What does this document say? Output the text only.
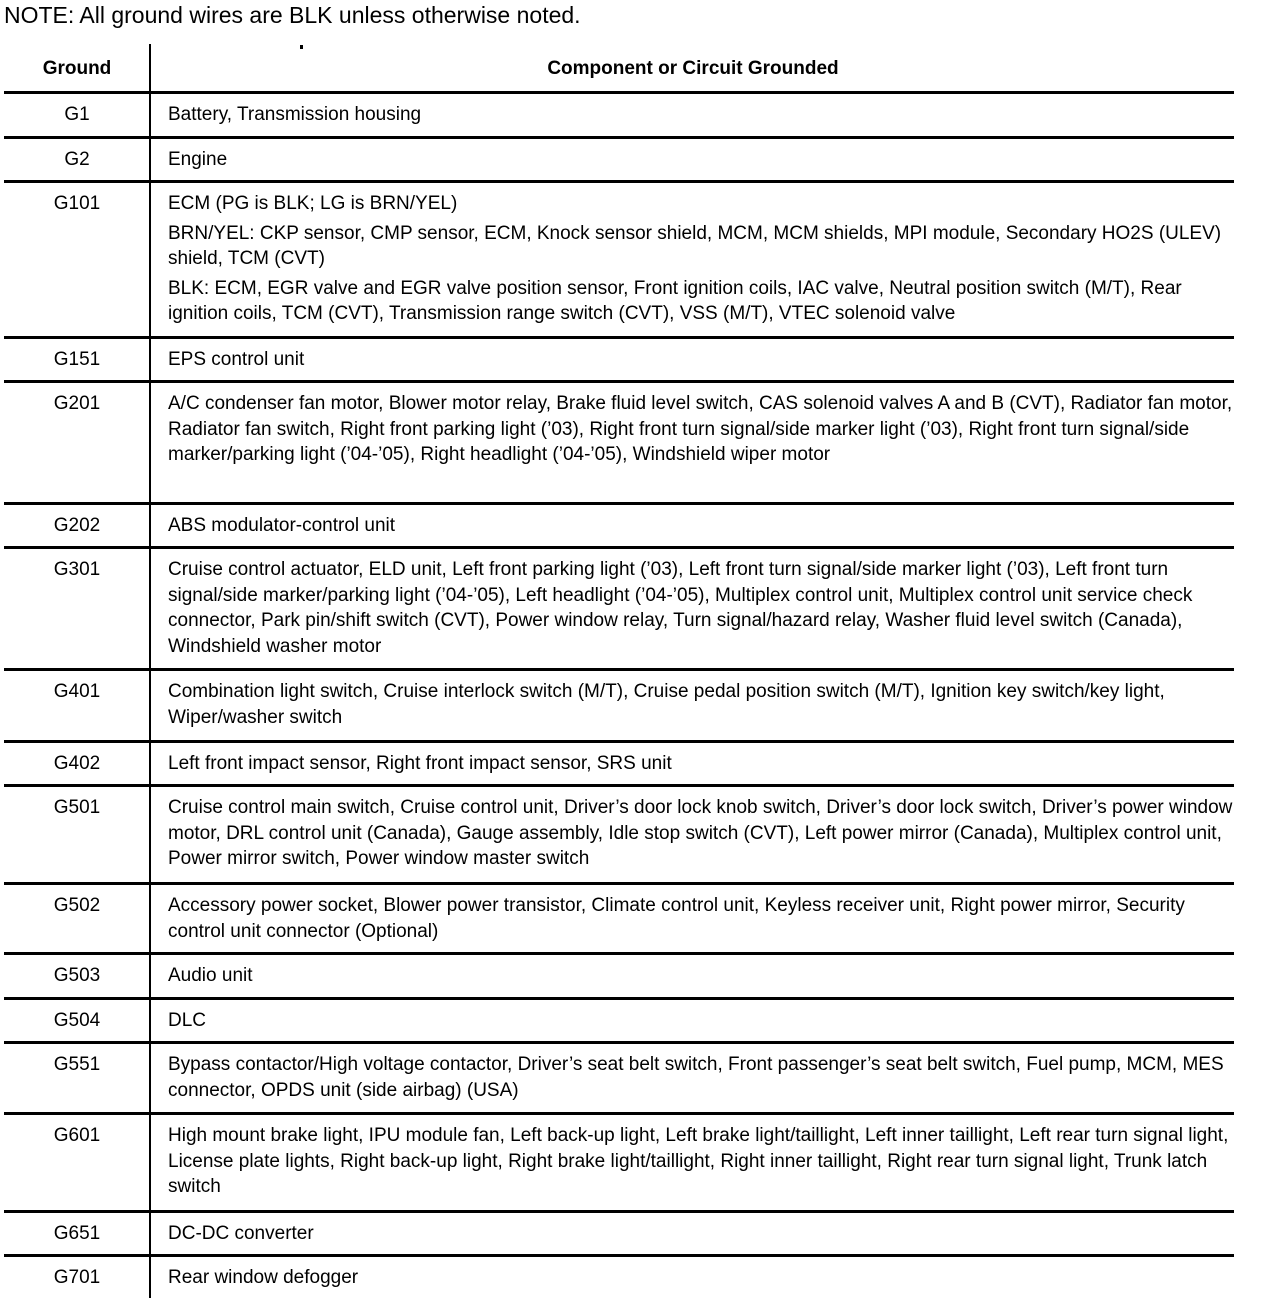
NOTE: All ground wires are BLK unless otherwise noted.
Ground	Component or Circuit Grounded
G1	Battery, Transmission housing
G2	Engine
G101	ECM (PG is BLK; LG is BRN/YEL)
BRN/YEL: CKP sensor, CMP sensor, ECM, Knock sensor shield, MCM, MCM shields, MPI module, Secondary HO2S (ULEV) shield, TCM (CVT)
BLK: ECM, EGR valve and EGR valve position sensor, Front ignition coils, IAC valve, Neutral position switch (M/T), Rear ignition coils, TCM (CVT), Transmission range switch (CVT), VSS (M/T), VTEC solenoid valve
G151	EPS control unit
G201	A/C condenser fan motor, Blower motor relay, Brake fluid level switch, CAS solenoid valves A and B (CVT), Radiator fan motor, Radiator fan switch, Right front parking light (’03), Right front turn signal/side marker light (’03), Right front turn signal/side marker/parking light (’04-’05), Right headlight (’04-’05), Windshield wiper motor
G202	ABS modulator-control unit
G301	Cruise control actuator, ELD unit, Left front parking light (’03), Left front turn signal/side marker light (’03), Left front turn signal/side marker/parking light (’04-’05), Left headlight (’04-’05), Multiplex control unit, Multiplex control unit service check connector, Park pin/shift switch (CVT), Power window relay, Turn signal/hazard relay, Washer fluid level switch (Canada), Windshield washer motor
G401	Combination light switch, Cruise interlock switch (M/T), Cruise pedal position switch (M/T), Ignition key switch/key light, Wiper/washer switch
G402	Left front impact sensor, Right front impact sensor, SRS unit
G501	Cruise control main switch, Cruise control unit, Driver’s door lock knob switch, Driver’s door lock switch, Driver’s power window motor, DRL control unit (Canada), Gauge assembly, Idle stop switch (CVT), Left power mirror (Canada), Multiplex control unit, Power mirror switch, Power window master switch
G502	Accessory power socket, Blower power transistor, Climate control unit, Keyless receiver unit, Right power mirror, Security control unit connector (Optional)
G503	Audio unit
G504	DLC
G551	Bypass contactor/High voltage contactor, Driver’s seat belt switch, Front passenger’s seat belt switch, Fuel pump, MCM, MES connector, OPDS unit (side airbag) (USA)
G601	High mount brake light, IPU module fan, Left back-up light, Left brake light/taillight, Left inner taillight, Left rear turn signal light, License plate lights, Right back-up light, Right brake light/taillight, Right inner taillight, Right rear turn signal light, Trunk latch switch
G651	DC-DC converter
G701	Rear window defogger
